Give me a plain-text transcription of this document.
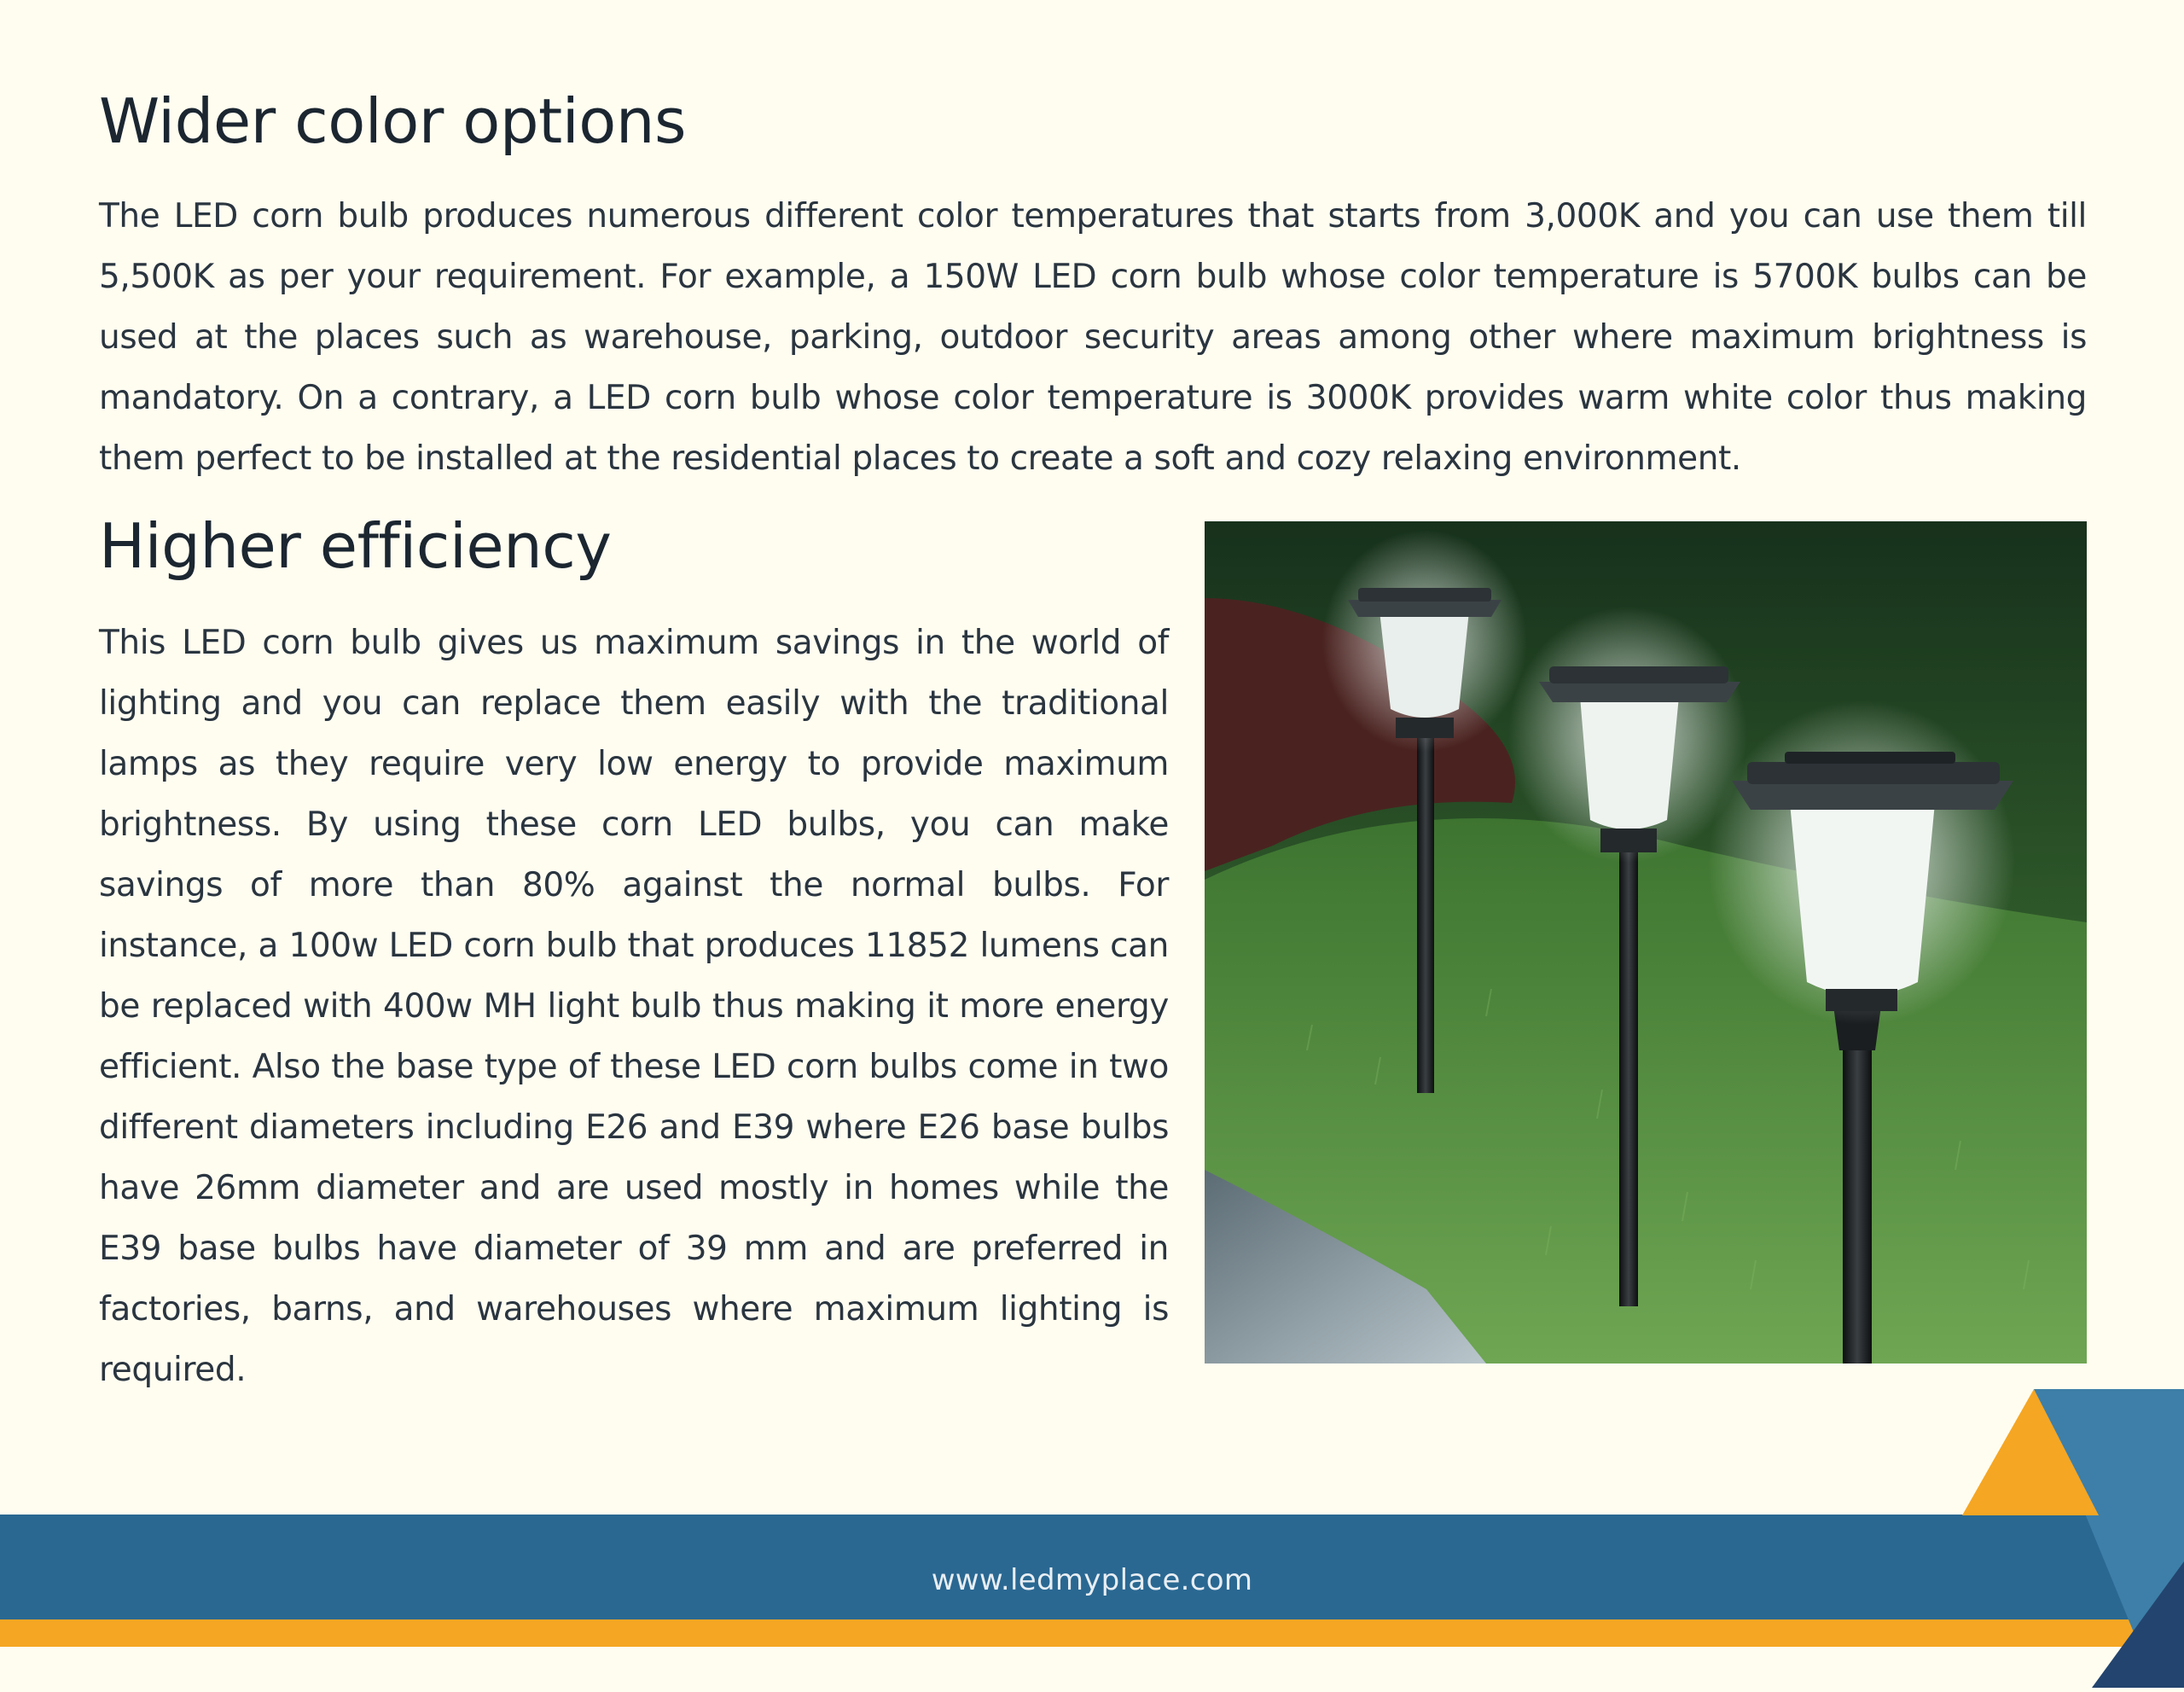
Wider color options

The LED corn bulb produces numerous different color temperatures that starts from 3,000K and you can use them till 5,500K as per your requirement. For example, a 150W LED corn bulb whose color temperature is 5700K bulbs can be used at the places such as warehouse, parking, outdoor security areas among other where maximum brightness is mandatory. On a contrary, a LED corn bulb whose color temperature is 3000K provides warm white color thus making them perfect to be installed at the residential places to create a soft and cozy relaxing environment.

Higher efficiency

This LED corn bulb gives us maximum savings in the world of lighting and you can replace them easily with the traditional lamps as they require very low energy to provide maximum brightness. By using these corn LED bulbs, you can make savings of more than 80% against the normal bulbs. For instance, a 100w LED corn bulb that produces 11852 lumens can be replaced with 400w MH light bulb thus making it more energy efficient. Also the base type of these LED corn bulbs come in two different diameters including E26 and E39 where E26 base bulbs have 26mm diameter and are used mostly in homes while the E39 base bulbs have diameter of 39 mm and are preferred in factories, barns, and warehouses where maximum lighting is required.

www.ledmyplace.com
